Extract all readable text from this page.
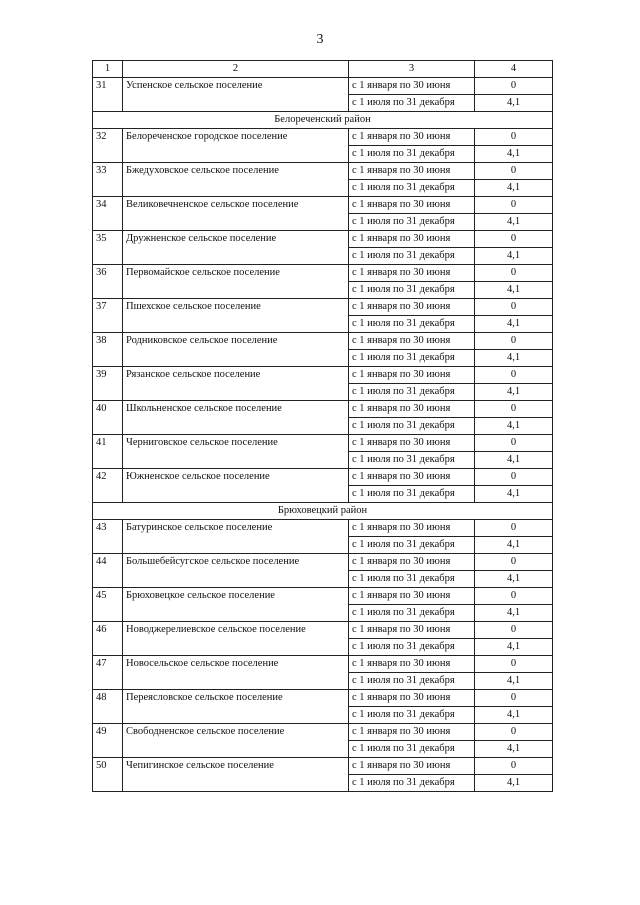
3
1	2	3	4
31	Успенское сельское поселение	с 1 января по 30 июня	0
		с 1 июля по 31 декабря	4,1
Белореченский район			
32	Белореченское городское поселение	с 1 января по 30 июня	0
		с 1 июля по 31 декабря	4,1
33	Бжедуховское сельское поселение	с 1 января по 30 июня	0
		с 1 июля по 31 декабря	4,1
34	Великовечненское сельское поселение	с 1 января по 30 июня	0
		с 1 июля по 31 декабря	4,1
35	Дружненское сельское поселение	с 1 января по 30 июня	0
		с 1 июля по 31 декабря	4,1
36	Первомайское сельское поселение	с 1 января по 30 июня	0
		с 1 июля по 31 декабря	4,1
37	Пшехское сельское поселение	с 1 января по 30 июня	0
		с 1 июля по 31 декабря	4,1
38	Родниковское сельское поселение	с 1 января по 30 июня	0
		с 1 июля по 31 декабря	4,1
39	Рязанское сельское поселение	с 1 января по 30 июня	0
		с 1 июля по 31 декабря	4,1
40	Школьненское сельское поселение	с 1 января по 30 июня	0
		с 1 июля по 31 декабря	4,1
41	Черниговское сельское поселение	с 1 января по 30 июня	0
		с 1 июля по 31 декабря	4,1
42	Южненское сельское поселение	с 1 января по 30 июня	0
		с 1 июля по 31 декабря	4,1
Брюховецкий район			
43	Батуринское сельское поселение	с 1 января по 30 июня	0
		с 1 июля по 31 декабря	4,1
44	Большебейсугское сельское поселение	с 1 января по 30 июня	0
		с 1 июля по 31 декабря	4,1
45	Брюховецкое сельское поселение	с 1 января по 30 июня	0
		с 1 июля по 31 декабря	4,1
46	Новоджерелиевское сельское поселение	с 1 января по 30 июня	0
		с 1 июля по 31 декабря	4,1
47	Новосельское сельское поселение	с 1 января по 30 июня	0
		с 1 июля по 31 декабря	4,1
48	Переясловское сельское поселение	с 1 января по 30 июня	0
		с 1 июля по 31 декабря	4,1
49	Свободненское сельское поселение	с 1 января по 30 июня	0
		с 1 июля по 31 декабря	4,1
50	Чепигинское сельское поселение	с 1 января по 30 июня	0
		с 1 июля по 31 декабря	4,1
